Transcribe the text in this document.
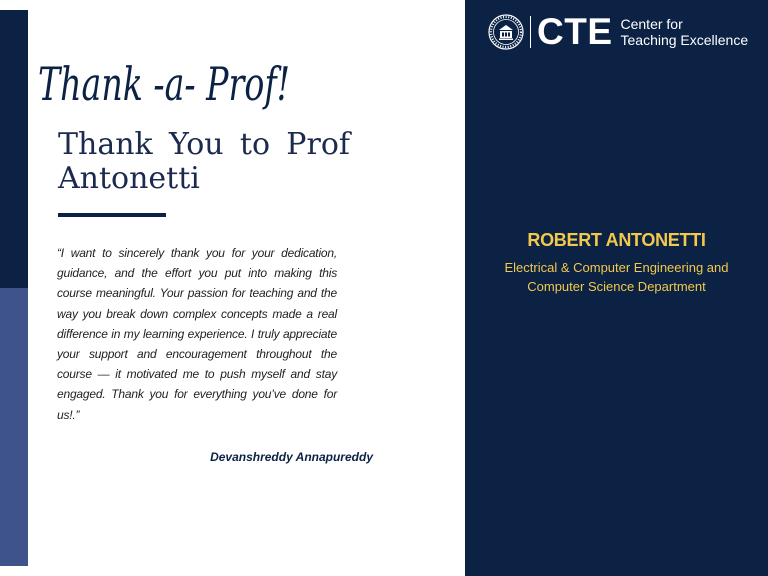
Thank -a- Prof!
Thank You to Prof Antonetti

“I want to sincerely thank you for your dedication, guidance, and the effort you put into making this course meaningful. Your passion for teaching and the way you break down complex concepts made a real difference in my learning experience. I truly appreciate your support and encouragement throughout the course — it motivated me to push myself and stay engaged. Thank you for everything you’ve done for us!.”

Devanshreddy Annapureddy
CTE Center for
Teaching Excellence
ROBERT ANTONETTI
Electrical & Computer Engineering and Computer Science Department
